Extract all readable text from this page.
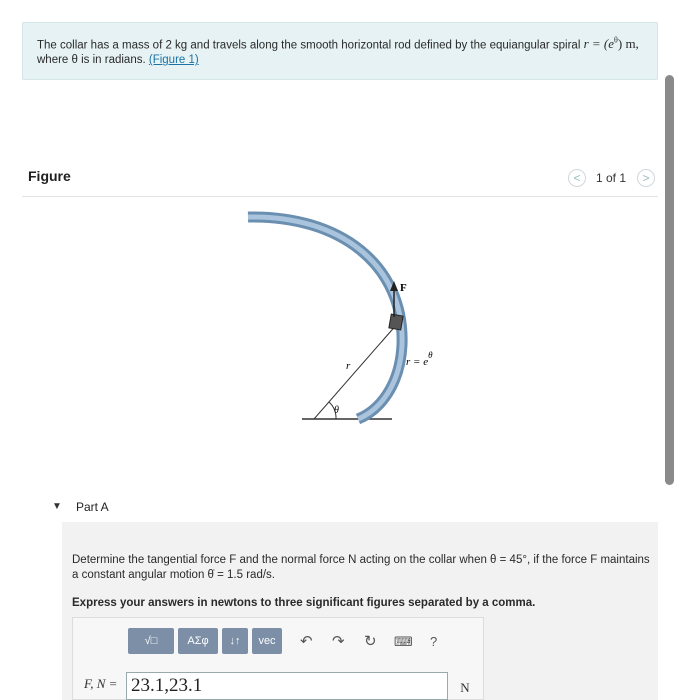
The collar has a mass of 2 kg and travels along the smooth horizontal rod defined by the equiangular spiral $r = (e^\theta)$ m,
where θ is in radians. (Figure 1)
Figure	<	1 of 1	>
F
θ
r	$r = e^\theta$
▼ Part A
Determine the tangential force F and the normal force N acting on the collar when θ = 45°, if the force F maintains
a constant angular motion θ̇ = 1.5 rad/s.
Express your answers in newtons to three significant figures separated by a comma.
√□	ΑΣφ	↓↑	vec	↶ ↷ ↻ ⌨ ?
F, N = 23.1,23.1	N
